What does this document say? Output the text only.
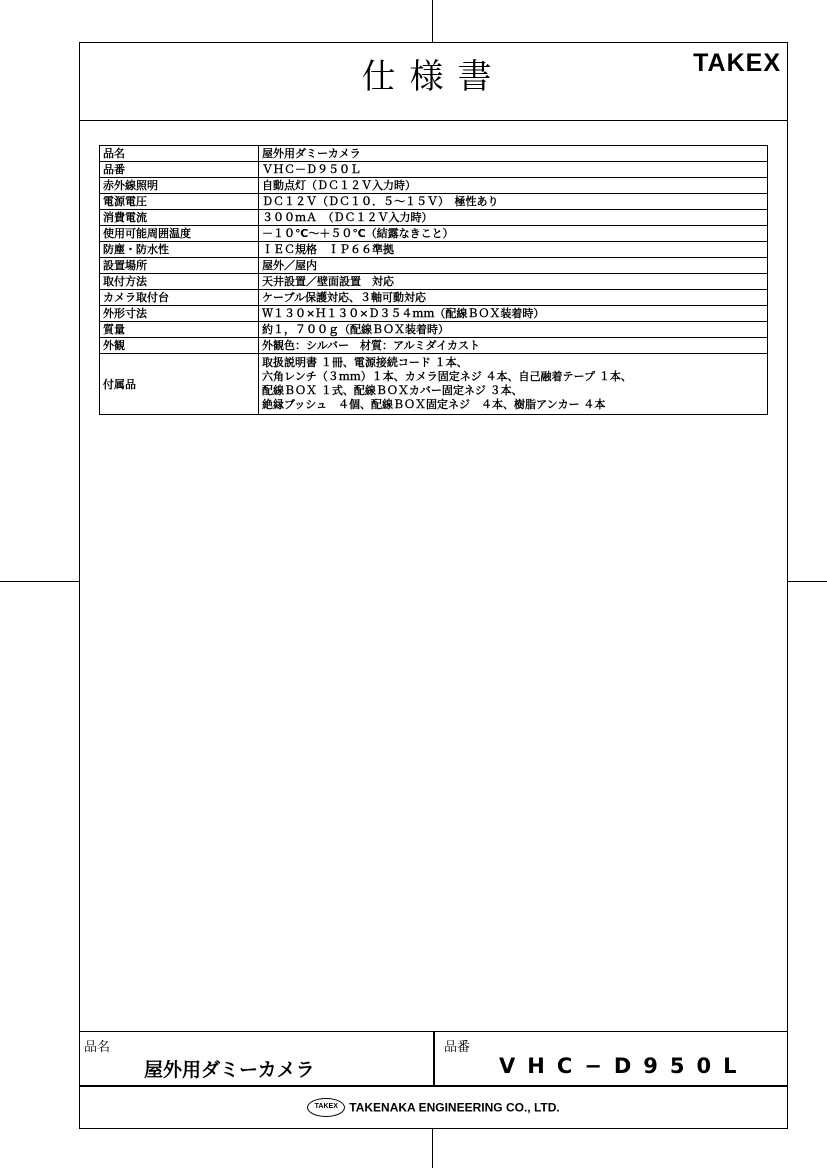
仕様書	TAKEX
品名	屋外用ダミーカメラ
品番	ＶＨＣ－Ｄ９５０Ｌ
赤外線照明	自動点灯（ＤＣ１２Ｖ入力時）
電源電圧	ＤＣ１２Ｖ（ＤＣ１０．５～１５Ｖ）　極性あり
消費電流	３００ｍＡ　（ＤＣ１２Ｖ入力時）
使用可能周囲温度	－１０℃～＋５０℃（結露なきこと）
防塵・防水性	ＩＥＣ規格　ＩＰ６６準拠
設置場所	屋外／屋内
取付方法	天井設置／壁面設置　対応
カメラ取付台	ケーブル保護対応、３軸可動対応
外形寸法	Ｗ１３０×Ｈ１３０×Ｄ３５４ｍｍ（配線ＢＯＸ装着時）
質量	約１，７００ｇ（配線ＢＯＸ装着時）
外観	外観色：シルバー　材質：アルミダイカスト
付属品	取扱説明書 １冊、電源接続コード １本、
六角レンチ（３ｍｍ）１本、カメラ固定ネジ ４本、自己融着テープ １本、
配線ＢＯＸ １式、配線ＢＯＸカバー固定ネジ ３本、
絶縁ブッシュ　４個、配線ＢＯＸ固定ネジ　４本、樹脂アンカー ４本
品名
屋外用ダミーカメラ
品番
VHC−D950L
TAKEX TAKENAKA ENGINEERING CO., LTD.
